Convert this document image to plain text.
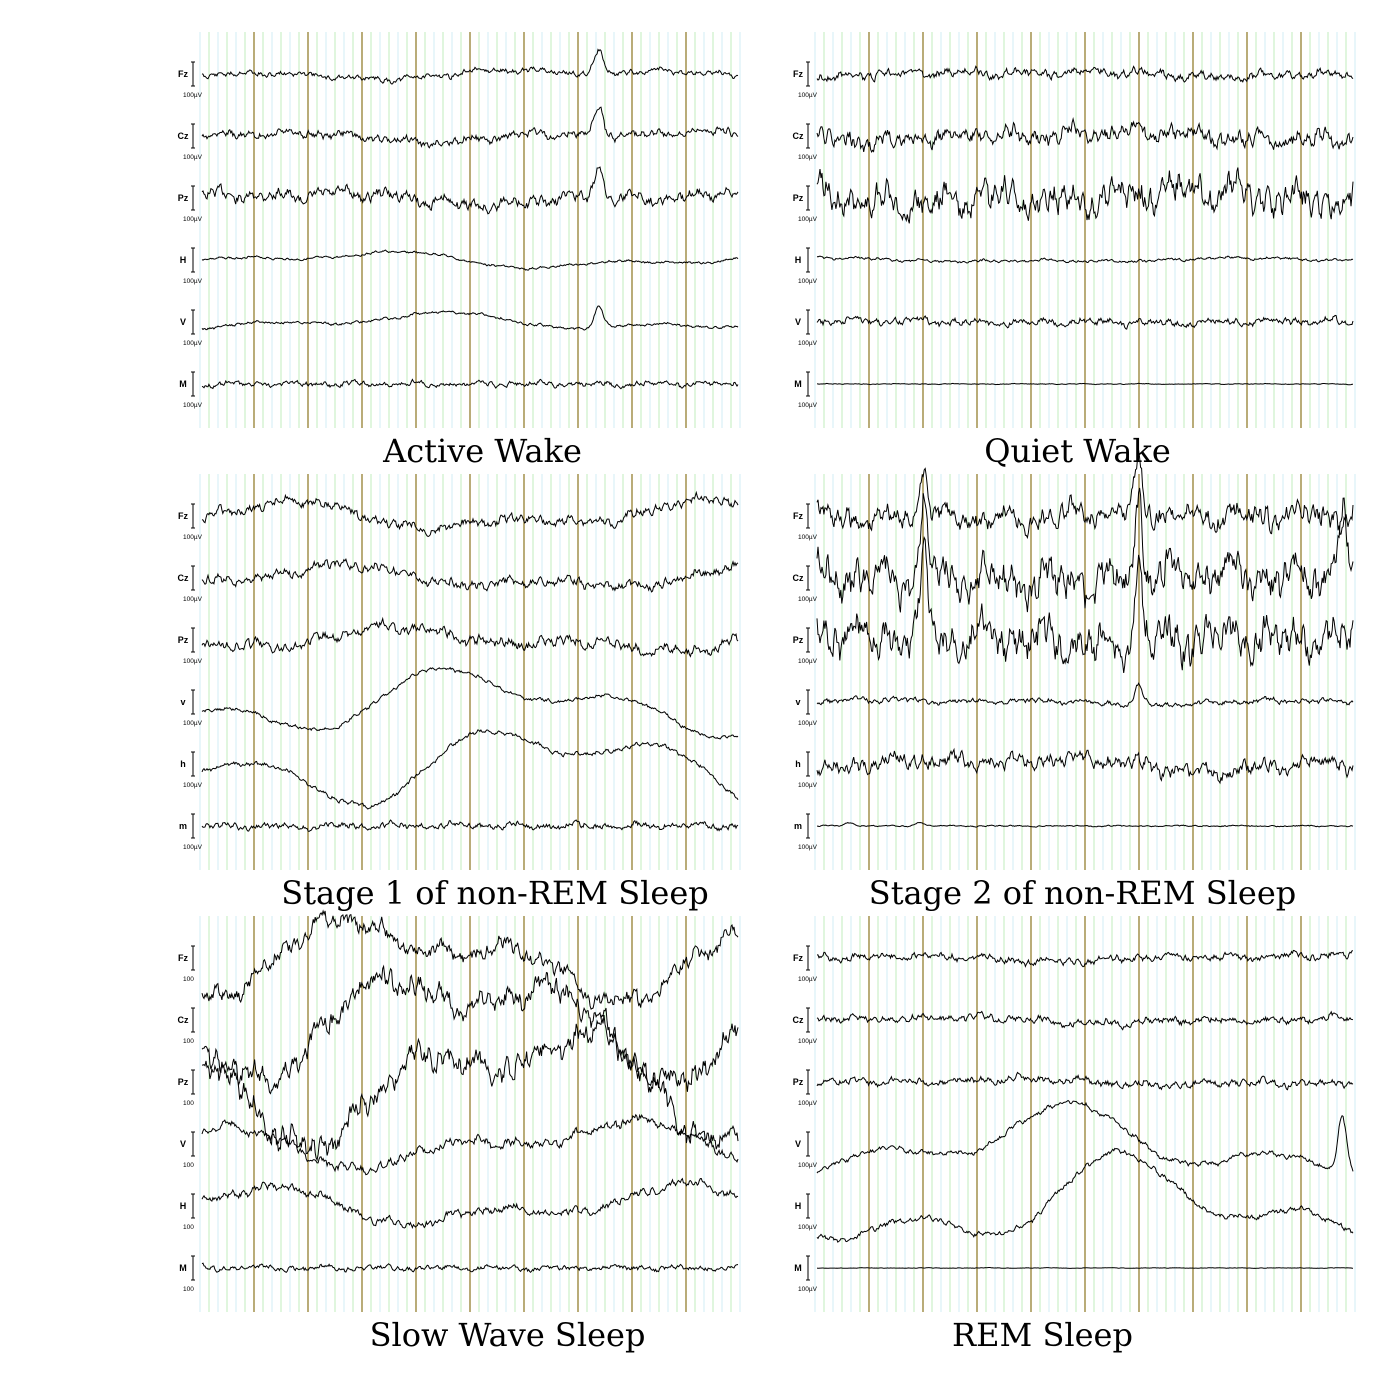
Fz
100µV
Cz
100µV
Pz
100µV
H
100µV
V
100µV
M
100µV
Active Wake
Fz
100µV
Cz
100µV
Pz
100µV
H
100µV
V
100µV
M
100µV
Quiet Wake
Fz
100µV
Cz
100µV
Pz
100µV
v
100µV
h
100µV
m
100µV
Stage 1 of non-REM Sleep
Fz
100µV
Cz
100µV
Pz
100µV
v
100µV
h
100µV
m
100µV
Stage 2 of non-REM Sleep
Fz
100
Cz
100
Pz
100
V
100
H
100
M
100
Slow Wave Sleep
Fz
100µV
Cz
100µV
Pz
100µV
V
100µV
H
100µV
M
100µV
REM Sleep
